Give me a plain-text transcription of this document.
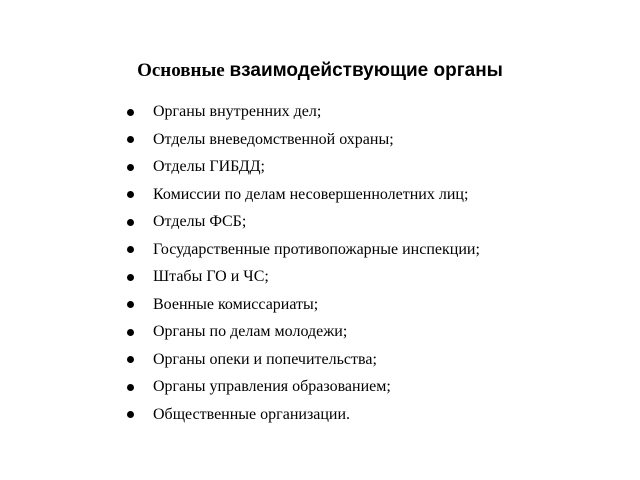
Основные взаимодействующие органы
Органы внутренних дел;
Отделы вневедомственной охраны;
Отделы ГИБДД;
Комиссии по делам несовершеннолетних лиц;
Отделы ФСБ;
Государственные противопожарные инспекции;
Штабы ГО и ЧС;
Военные комиссариаты;
Органы по делам молодежи;
Органы опеки и попечительства;
Органы управления образованием;
Общественные организации.
